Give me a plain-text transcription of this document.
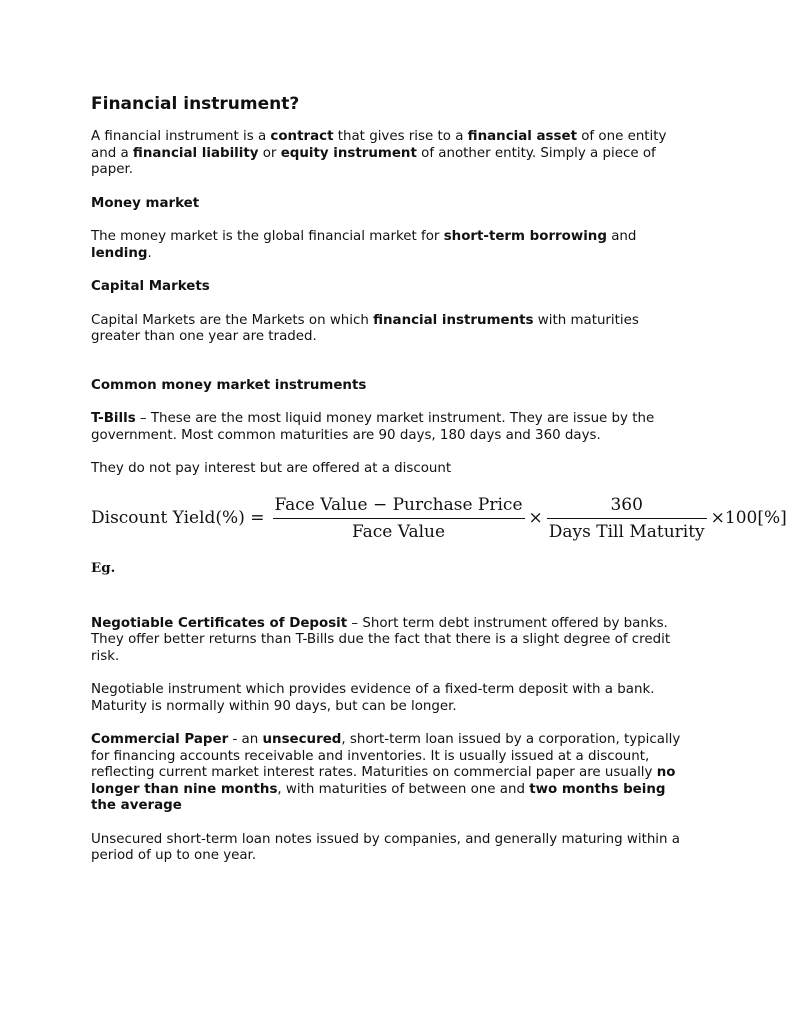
Financial instrument?

A financial instrument is a contract that gives rise to a financial asset of one entity and a financial liability or equity instrument of another entity. Simply a piece of paper.

Money market

The money market is the global financial market for short-term borrowing and lending.

Capital Markets

Capital Markets are the Markets on which financial instruments with maturities greater than one year are traded.

Common money market instruments

T-Bills – These are the most liquid money market instrument. They are issue by the government. Most common maturities are 90 days, 180 days and 360 days.

They do not pay interest but are offered at a discount

Negotiable Certificates of Deposit – Short term debt instrument offered by banks. They offer better returns than T-Bills due the fact that there is a slight degree of credit risk.

Negotiable instrument which provides evidence of a fixed-term deposit with a bank. Maturity is normally within 90 days, but can be longer.

Commercial Paper - an unsecured, short-term loan issued by a corporation, typically for financing accounts receivable and inventories. It is usually issued at a discount, reflecting current market interest rates. Maturities on commercial paper are usually no longer than nine months, with maturities of between one and two months being the average

Unsecured short-term loan notes issued by companies, and generally maturing within a period of up to one year.

Discount Yield(%) = $\frac{\text{Face Value − Purchase Price}}{\text{Face Value}} \times \frac{360}{\text{Days Till Maturity}} \times 100[\%]$
Eg.
